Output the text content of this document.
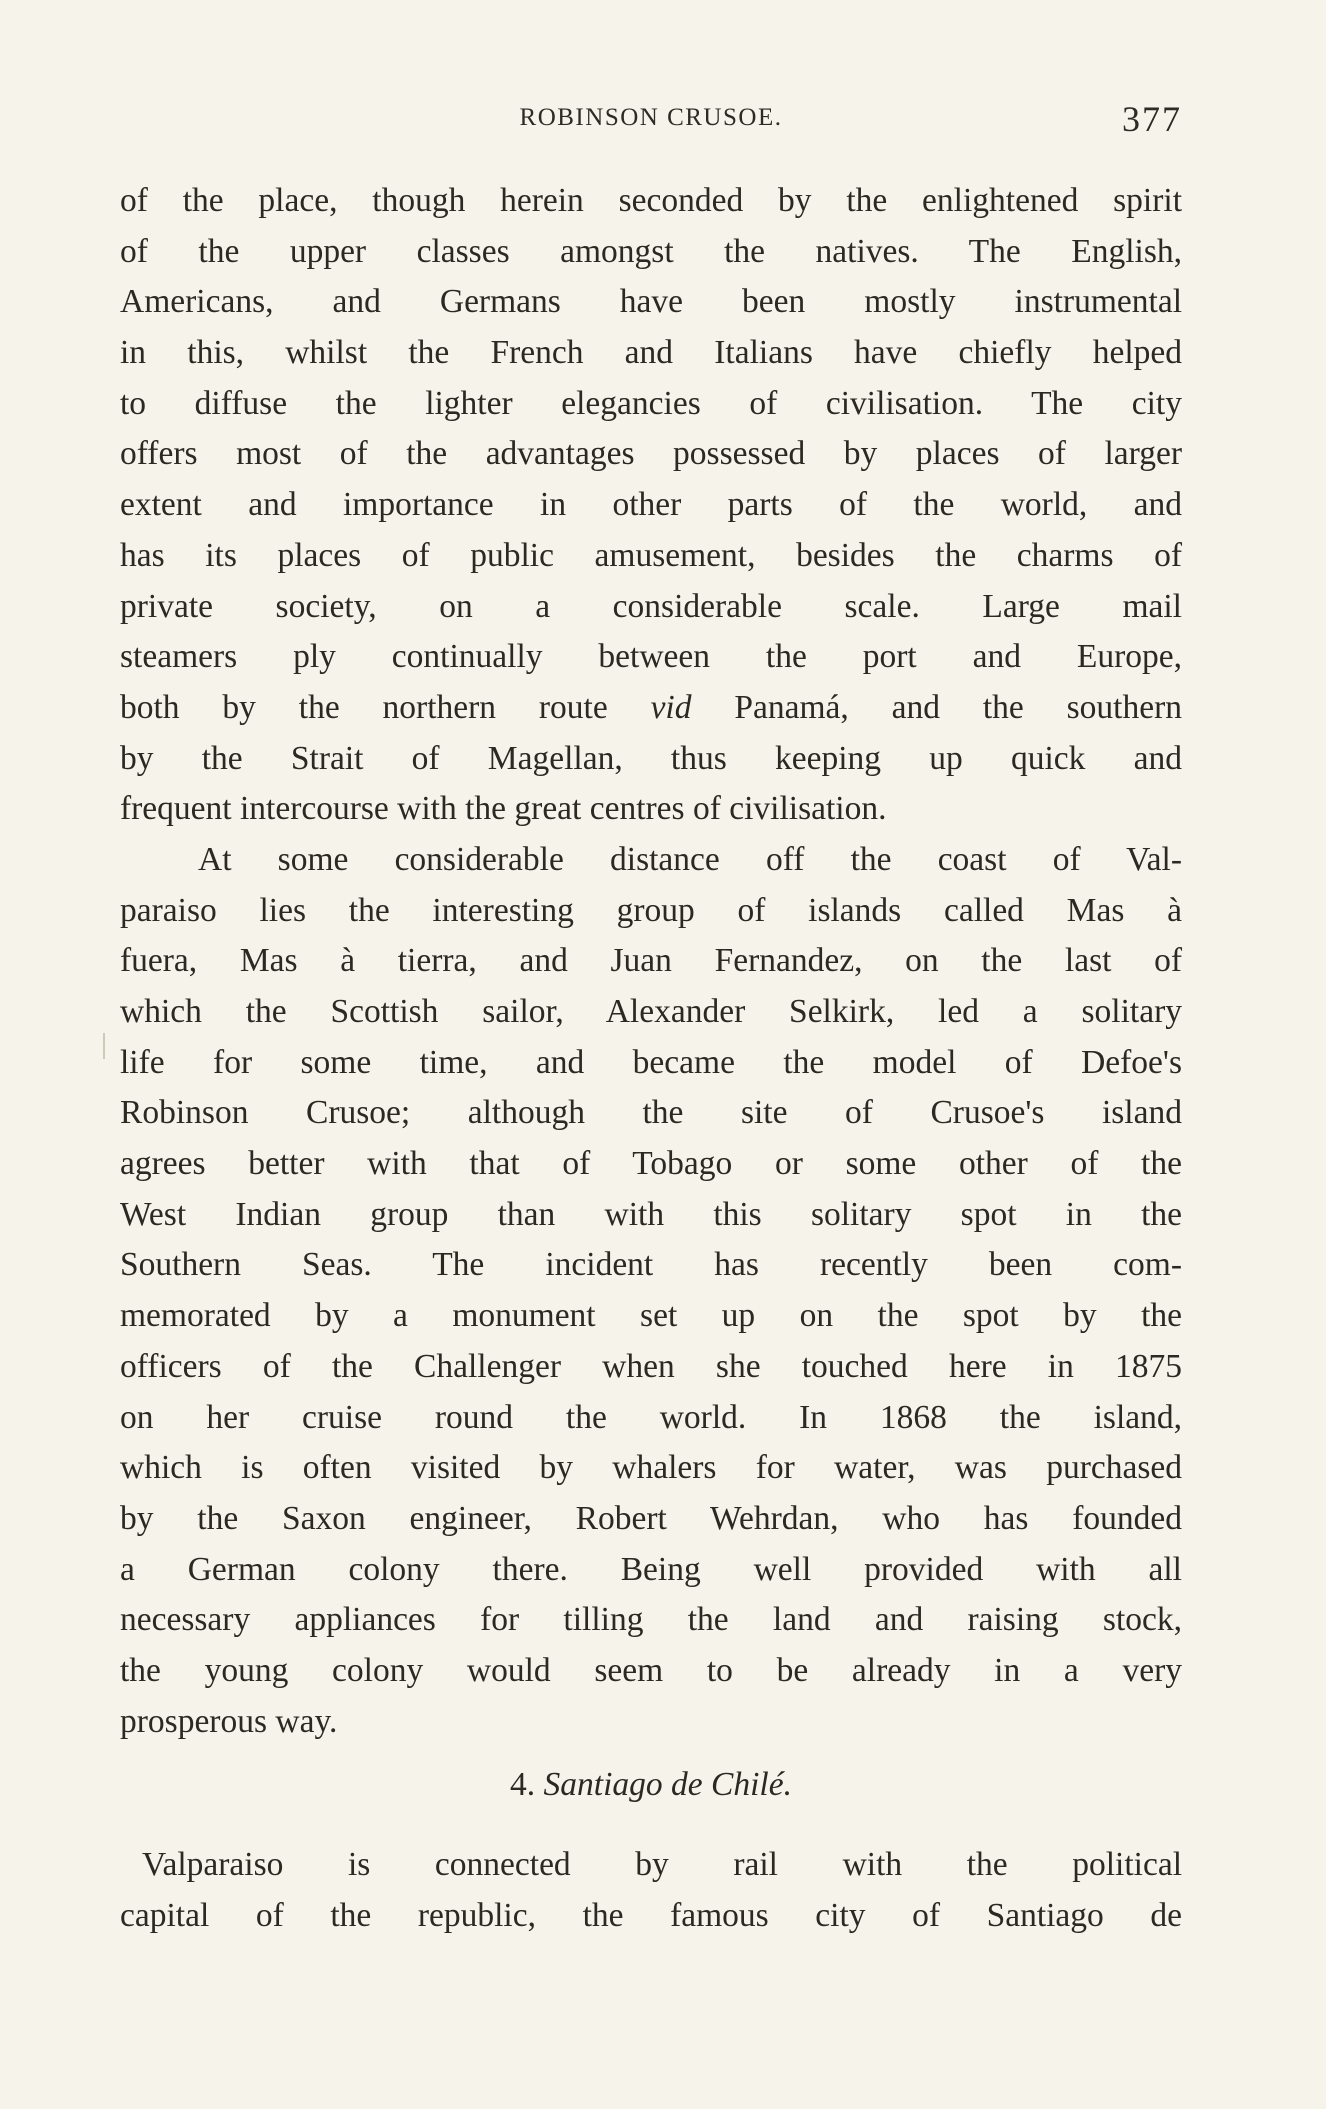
ROBINSON CRUSOE.	377
of the place, though herein seconded by the enlightened spirit
of the upper classes amongst the natives. The English,
Americans, and Germans have been mostly instrumental
in this, whilst the French and Italians have chiefly helped
to diffuse the lighter elegancies of civilisation. The city
offers most of the advantages possessed by places of larger
extent and importance in other parts of the world, and
has its places of public amusement, besides the charms of
private society, on a considerable scale. Large mail
steamers ply continually between the port and Europe,
both by the northern route vid Panamá, and the southern
by the Strait of Magellan, thus keeping up quick and
frequent intercourse with the great centres of civilisation.
At some considerable distance off the coast of Val-
paraiso lies the interesting group of islands called Mas à
fuera, Mas à tierra, and Juan Fernandez, on the last of
which the Scottish sailor, Alexander Selkirk, led a solitary
life for some time, and became the model of Defoe's
Robinson Crusoe; although the site of Crusoe's island
agrees better with that of Tobago or some other of the
West Indian group than with this solitary spot in the
Southern Seas. The incident has recently been com-
memorated by a monument set up on the spot by the
officers of the Challenger when she touched here in 1875
on her cruise round the world. In 1868 the island,
which is often visited by whalers for water, was purchased
by the Saxon engineer, Robert Wehrdan, who has founded
a German colony there. Being well provided with all
necessary appliances for tilling the land and raising stock,
the young colony would seem to be already in a very
prosperous way.
4. Santiago de Chilé.
Valparaiso is connected by rail with the political
capital of the republic, the famous city of Santiago de
